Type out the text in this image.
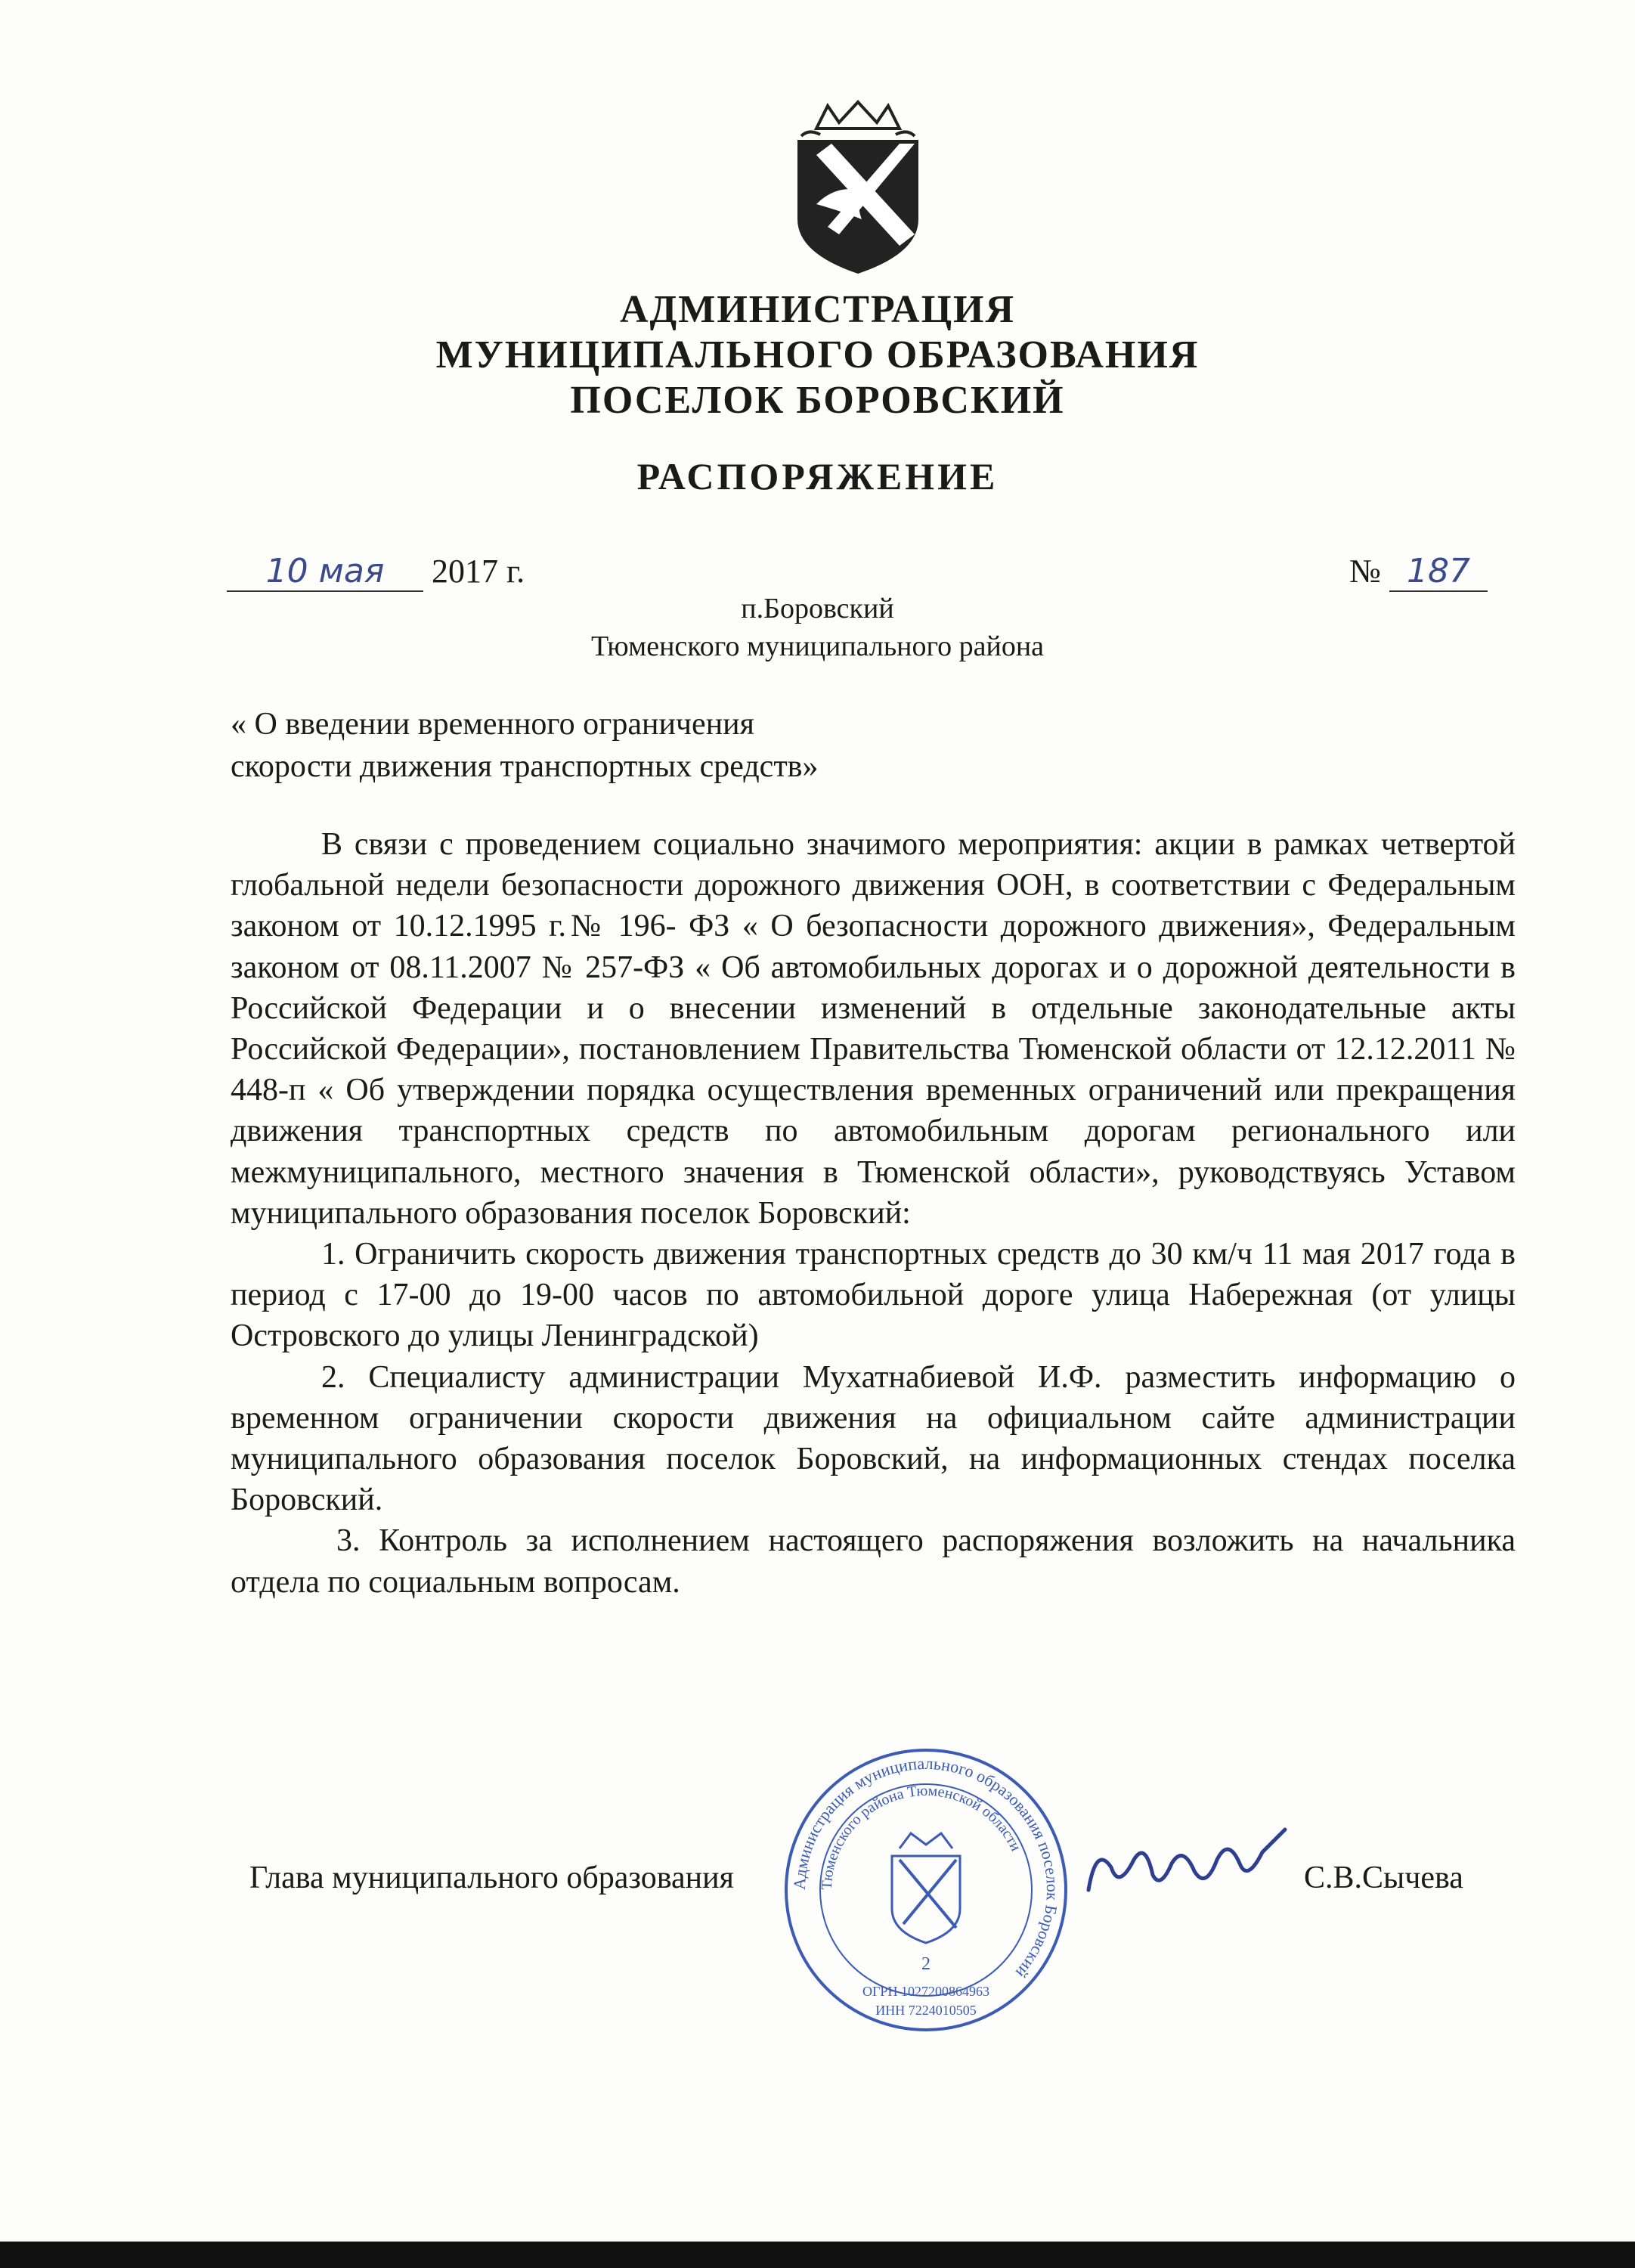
АДМИНИСТРАЦИЯ
МУНИЦИПАЛЬНОГО ОБРАЗОВАНИЯ
ПОСЕЛОК БОРОВСКИЙ
РАСПОРЯЖЕНИЕ
10 мая 2017 г.	№ 187
п.Боровский
Тюменского муниципального района
« О введении временного ограничения
скорости движения транспортных средств»

В связи с проведением социально значимого мероприятия: акции в рамках четвертой глобальной недели безопасности дорожного движения ООН, в соответствии с Федеральным законом от 10.12.1995 г.№ 196- ФЗ « О безопасности дорожного движения», Федеральным законом от 08.11.2007 № 257-ФЗ « Об автомобильных дорогах и о дорожной деятельности в Российской Федерации и о внесении изменений в отдельные законодательные акты Российской Федерации», постановлением Правительства Тюменской области от 12.12.2011 № 448-п « Об утверждении порядка осуществления временных ограничений или прекращения движения транспортных средств по автомобильным дорогам регионального или межмуниципального, местного значения в Тюменской области», руководствуясь Уставом муниципального образования поселок Боровский:

1. Ограничить скорость движения транспортных средств до 30 км/ч 11 мая 2017 года в период с 17-00 до 19-00 часов по автомобильной дороге улица Набережная (от улицы Островского до улицы Ленинградской)

2. Специалисту администрации Мухатнабиевой И.Ф. разместить информацию о временном ограничении скорости движения на официальном сайте администрации муниципального образования поселок Боровский, на информационных стендах поселка Боровский.

3. Контроль за исполнением настоящего распоряжения возложить на начальника отдела по социальным вопросам.

Администрация муниципального образования поселок Боровский
Тюменского района Тюменской области
2
ОГРН 1027200864963
ИНН 7224010505
Глава муниципального образования	С.В.Сычева
